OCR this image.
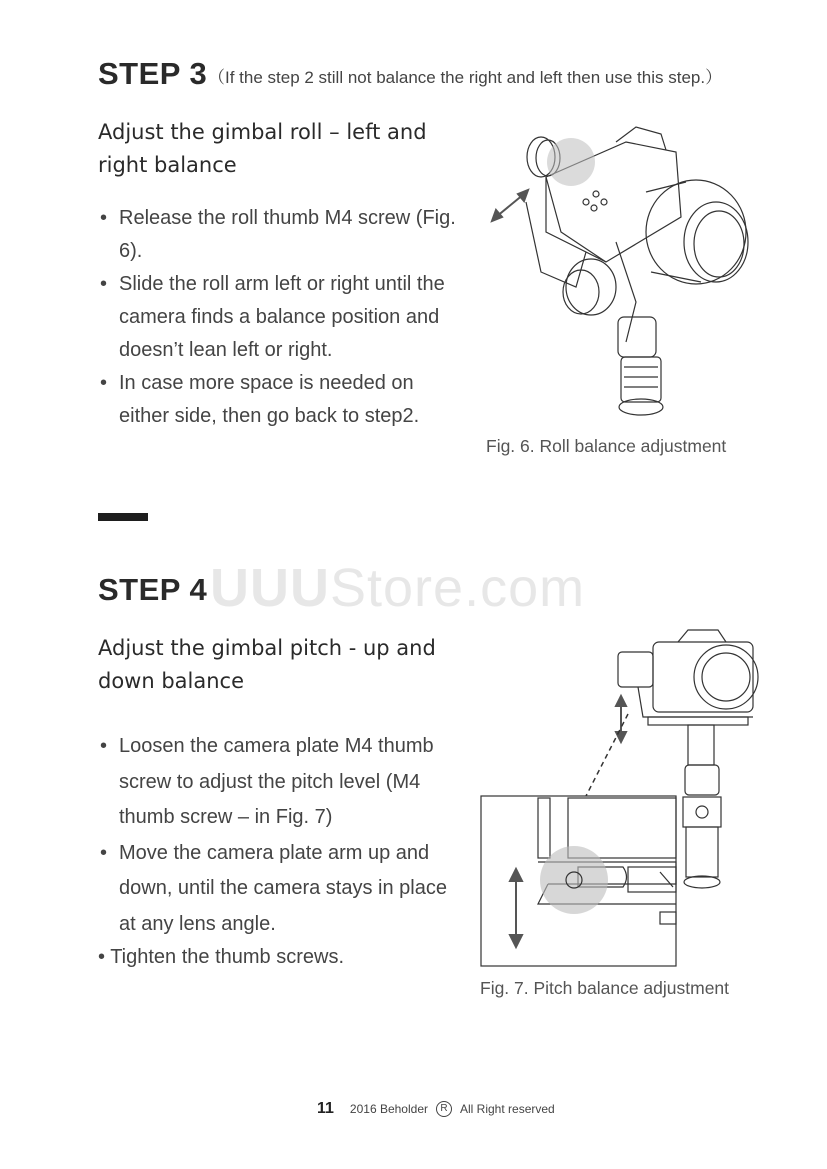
STEP 3 （If the step 2 still not balance the right and left then use this step.）
Adjust the gimbal roll – left and right balance
• Release the roll thumb M4 screw (Fig. 6).
• Slide the roll arm left or right until the camera finds a balance position and doesn’t lean left or right.
• In case more space is needed on either side, then go back to step2.
Fig. 6. Roll balance adjustment
STEP 4 UUUStore.com
Adjust the gimbal pitch - up and down balance
• Loosen the camera plate M4 thumb screw to adjust the pitch level (M4 thumb screw – in Fig. 7)
• Move the camera plate arm up and down, until the camera stays in place at any lens angle.
• Tighten the thumb screws.
Fig. 7. Pitch balance adjustment
11 2016 Beholder	R	All Right reserved
